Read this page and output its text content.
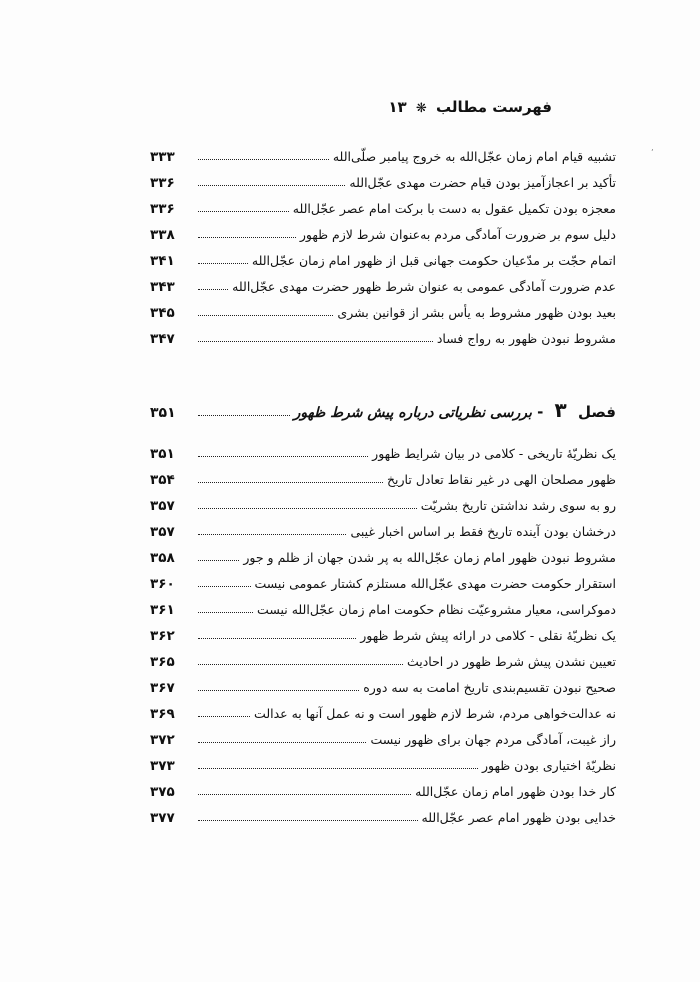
فهرست مطالب ❋ ۱۳
ʼ
تشبیه قیام امام زمان عجّل‌الله به خروج پیامبر صلّی‌الله
۳۳۳
تأکید بر اعجازآمیز بودن قیام حضرت مهدی عجّل‌الله
۳۳۶
معجزه بودن تکمیل عقول به دست با برکت امام عصر عجّل‌الله
۳۳۶
دلیل سوم بر ضرورت آمادگی مردم به‌عنوان شرط لازم ظهور
۳۳۸
اتمام حجّت بر مدّعیان حکومت جهانی قبل از ظهور امام زمان عجّل‌الله
۳۴۱
عدم ضرورت آمادگی عمومی به عنوان شرط ظهور حضرت مهدی عجّل‌الله
۳۴۳
بعید بودن ظهور مشروط به یأس بشر از قوانین بشری
۳۴۵
مشروط نبودن ظهور به رواج فساد
۳۴۷
فصل ۳ - بررسی نظریاتی درباره پیش شرط ظهور
۳۵۱
یک نظریّهٔ تاریخی - کلامی در بیان شرایط ظهور
۳۵۱
ظهور مصلحان الهی در غیر نقاط تعادل تاریخ
۳۵۴
رو به سوی رشد نداشتن تاریخ بشریّت
۳۵۷
درخشان بودن آینده تاریخ فقط بر اساس اخبار غیبی
۳۵۷
مشروط نبودن ظهور امام زمان عجّل‌الله به پر شدن جهان از ظلم و جور
۳۵۸
استقرار حکومت حضرت مهدی عجّل‌الله مستلزم کشتار عمومی نیست
۳۶۰
دموکراسی، معیار مشروعیّت نظام حکومت امام زمان عجّل‌الله نیست
۳۶۱
یک نظریّهٔ نقلی - کلامی در ارائه پیش شرط ظهور
۳۶۲
تعیین نشدن پیش شرط ظهور در احادیث
۳۶۵
صحیح نبودن تقسیم‌بندی تاریخ امامت به سه دوره
۳۶۷
نه عدالت‌خواهی مردم، شرط لازم ظهور است و نه عمل آنها به عدالت
۳۶۹
راز غیبت، آمادگی مردم جهان برای ظهور نیست
۳۷۲
نظریّهٔ اختیاری بودن ظهور
۳۷۳
کار خدا بودن ظهور امام زمان عجّل‌الله
۳۷۵
خدایی بودن ظهور امام عصر عجّل‌الله
۳۷۷
